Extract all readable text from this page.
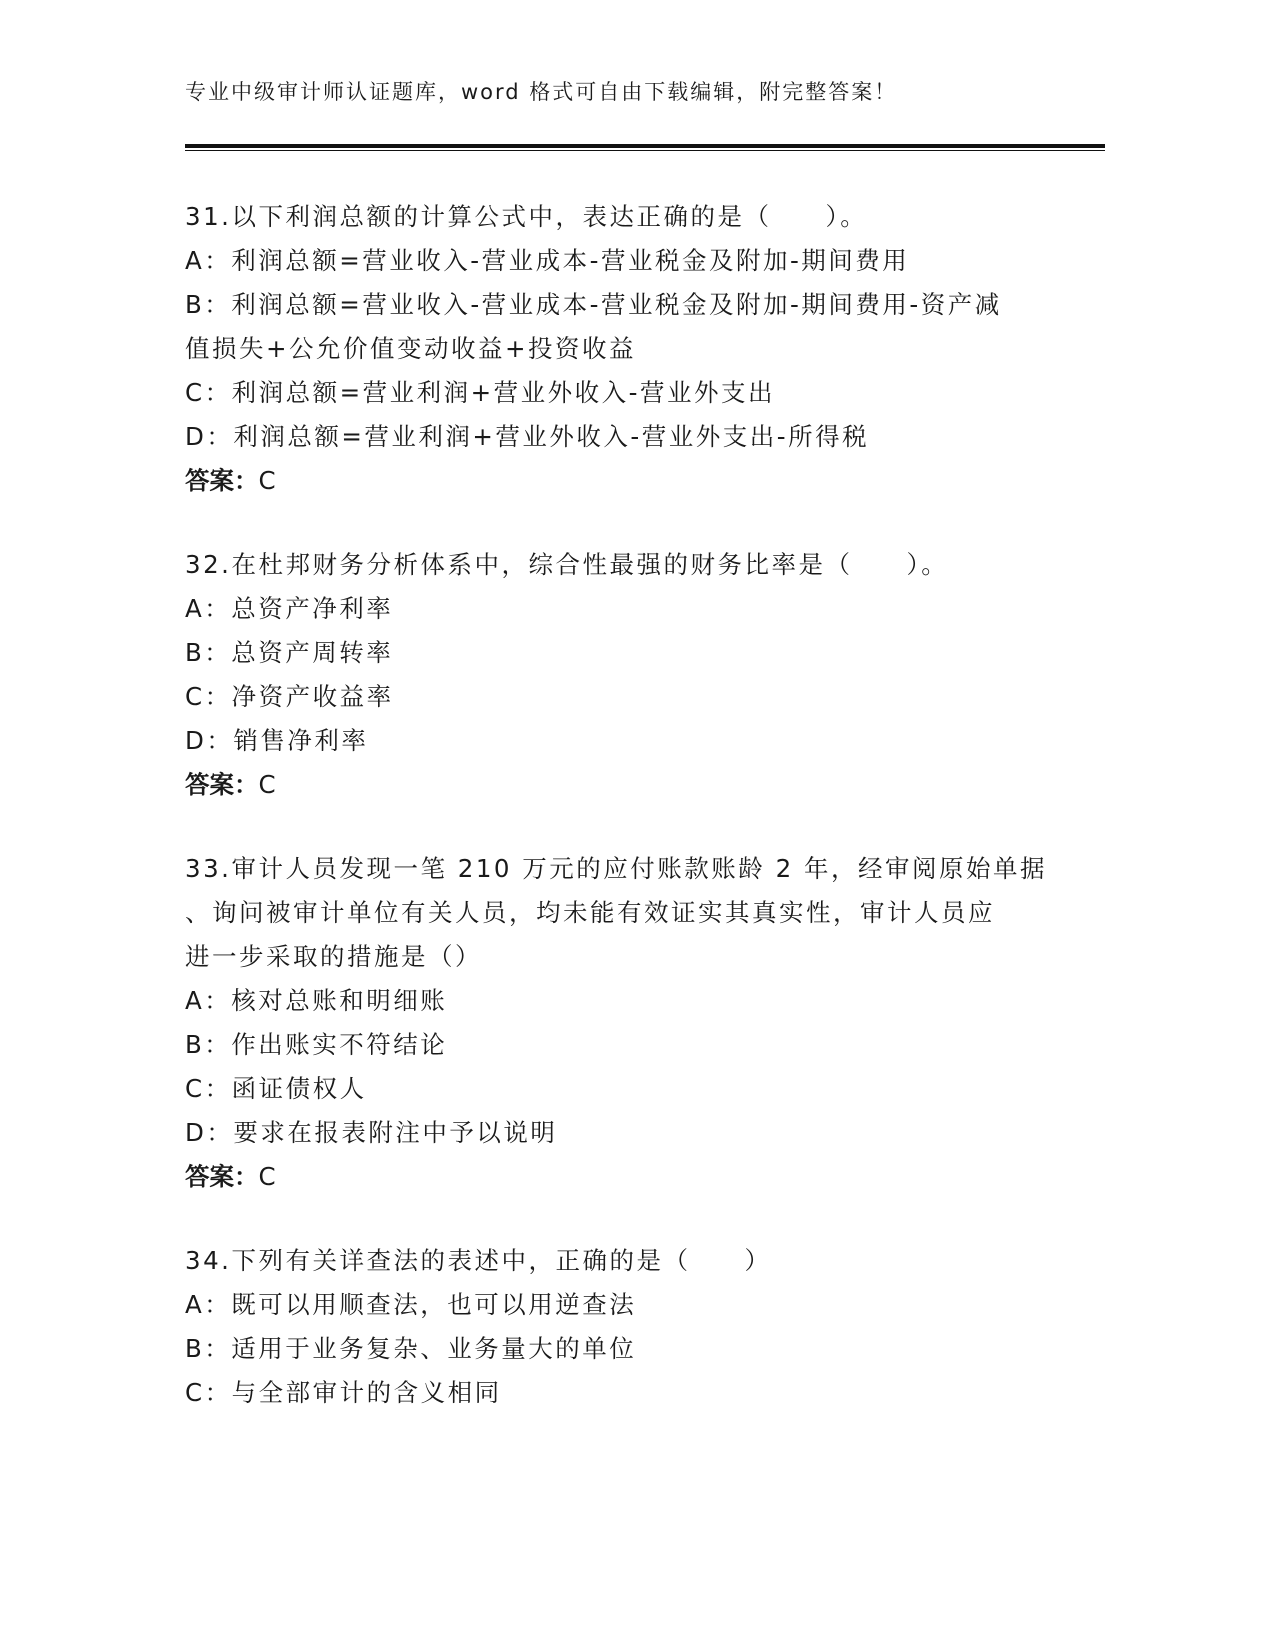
专业中级审计师认证题库，word 格式可自由下载编辑，附完整答案！
31.以下利润总额的计算公式中，表达正确的是（　　）。
A：利润总额=营业收入-营业成本-营业税金及附加-期间费用
B：利润总额=营业收入-营业成本-营业税金及附加-期间费用-资产减
值损失+公允价值变动收益+投资收益
C：利润总额=营业利润+营业外收入-营业外支出
D：利润总额=营业利润+营业外收入-营业外支出-所得税
答案：C
32.在杜邦财务分析体系中，综合性最强的财务比率是（　　）。
A：总资产净利率
B：总资产周转率
C：净资产收益率
D：销售净利率
答案：C
33.审计人员发现一笔 210 万元的应付账款账龄 2 年，经审阅原始单据
、询问被审计单位有关人员，均未能有效证实其真实性，审计人员应
进一步采取的措施是（）
A：核对总账和明细账
B：作出账实不符结论
C：函证债权人
D：要求在报表附注中予以说明
答案：C
34.下列有关详查法的表述中，正确的是（　　）
A：既可以用顺查法，也可以用逆查法
B：适用于业务复杂、业务量大的单位
C：与全部审计的含义相同
